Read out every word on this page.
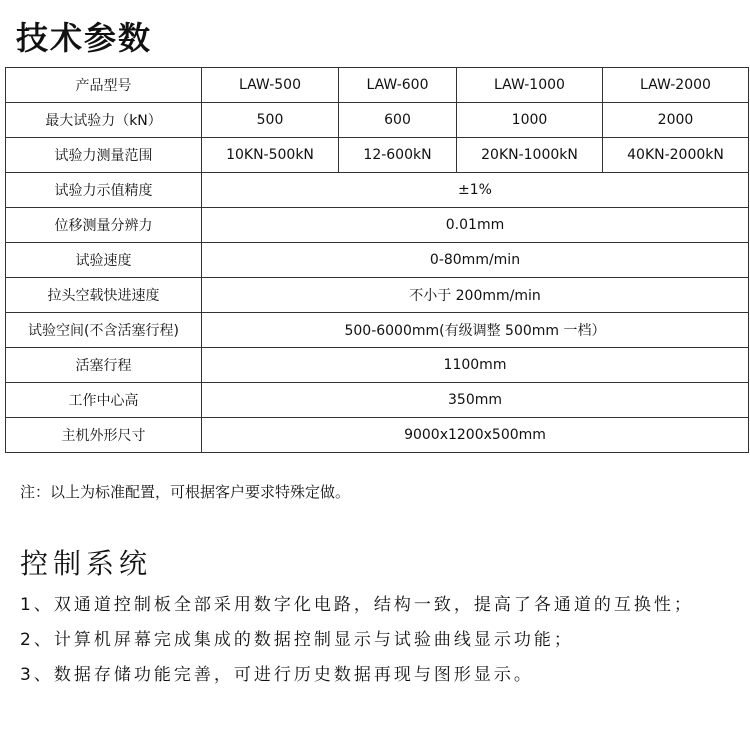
技术参数
产品型号	LAW-500	LAW-600	LAW-1000	LAW-2000
最大试验力（kN）	500	600	1000	2000
试验力测量范围	10KN-500kN	12-600kN	20KN-1000kN	40KN-2000kN
试验力示值精度	±1%			
位移测量分辨力	0.01mm			
试验速度	0-80mm/min			
拉头空载快进速度	不小于 200mm/min			
试验空间(不含活塞行程)	500-6000mm(有级调整 500mm 一档）			
活塞行程	1100mm			
工作中心高	350mm			
主机外形尺寸	9000x1200x500mm			

注：以上为标准配置，可根据客户要求特殊定做。

控制系统

1、双通道控制板全部采用数字化电路，结构一致，提高了各通道的互换性；

2、计算机屏幕完成集成的数据控制显示与试验曲线显示功能；

3、数据存储功能完善，可进行历史数据再现与图形显示。
